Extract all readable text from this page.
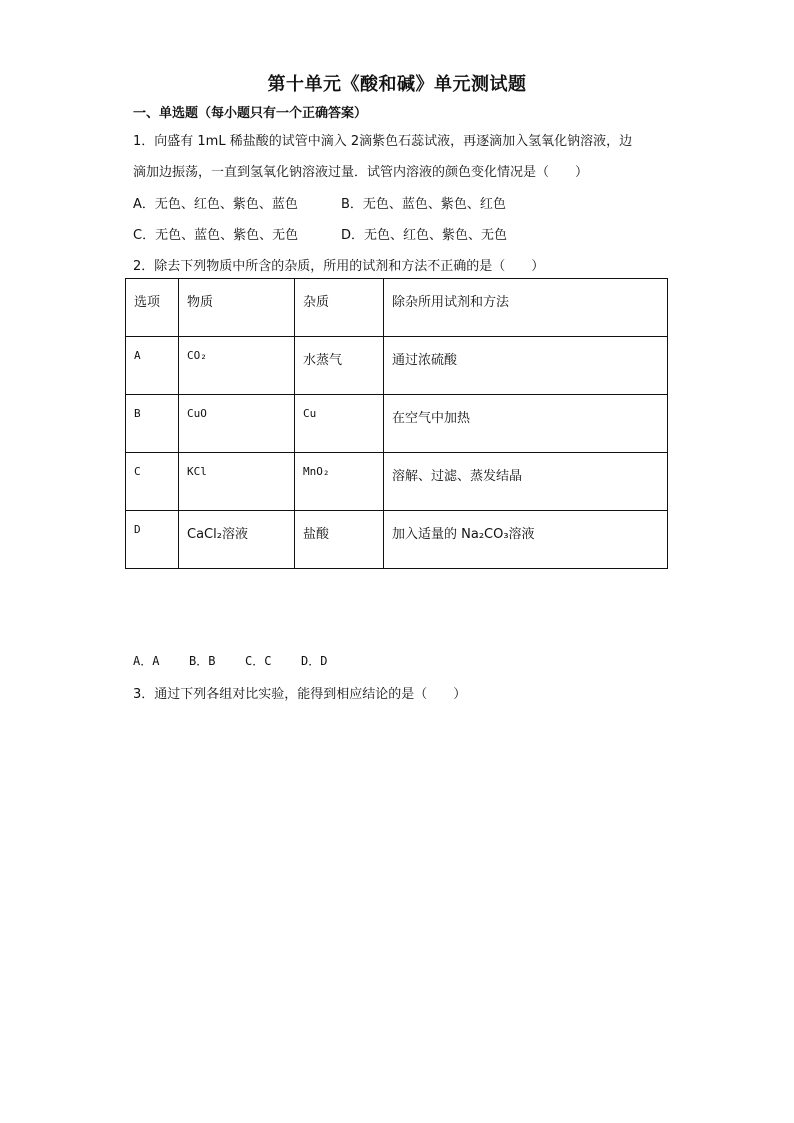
第十单元《酸和碱》单元测试题
一、单选题（每小题只有一个正确答案）
1．向盛有 1mL 稀盐酸的试管中滴入 2滴紫色石蕊试液，再逐滴加入氢氧化钠溶液，边
滴加边振荡，一直到氢氧化钠溶液过量．试管内溶液的颜色变化情况是（　　）
A．无色、红色、紫色、蓝色	B．无色、蓝色、紫色、红色
C．无色、蓝色、紫色、无色	D．无色、红色、紫色、无色
2．除去下列物质中所含的杂质，所用的试剂和方法不正确的是（　　）
选项	物质	杂质	除杂所用试剂和方法
A	CO₂	水蒸气	通过浓硫酸
B	CuO	Cu	在空气中加热
C	KCl	MnO₂	溶解、过滤、蒸发结晶
D	CaCl₂溶液	盐酸	加入适量的 Na₂CO₃溶液
A．A B．B C．C D．D
3．通过下列各组对比实验，能得到相应结论的是（　　）
